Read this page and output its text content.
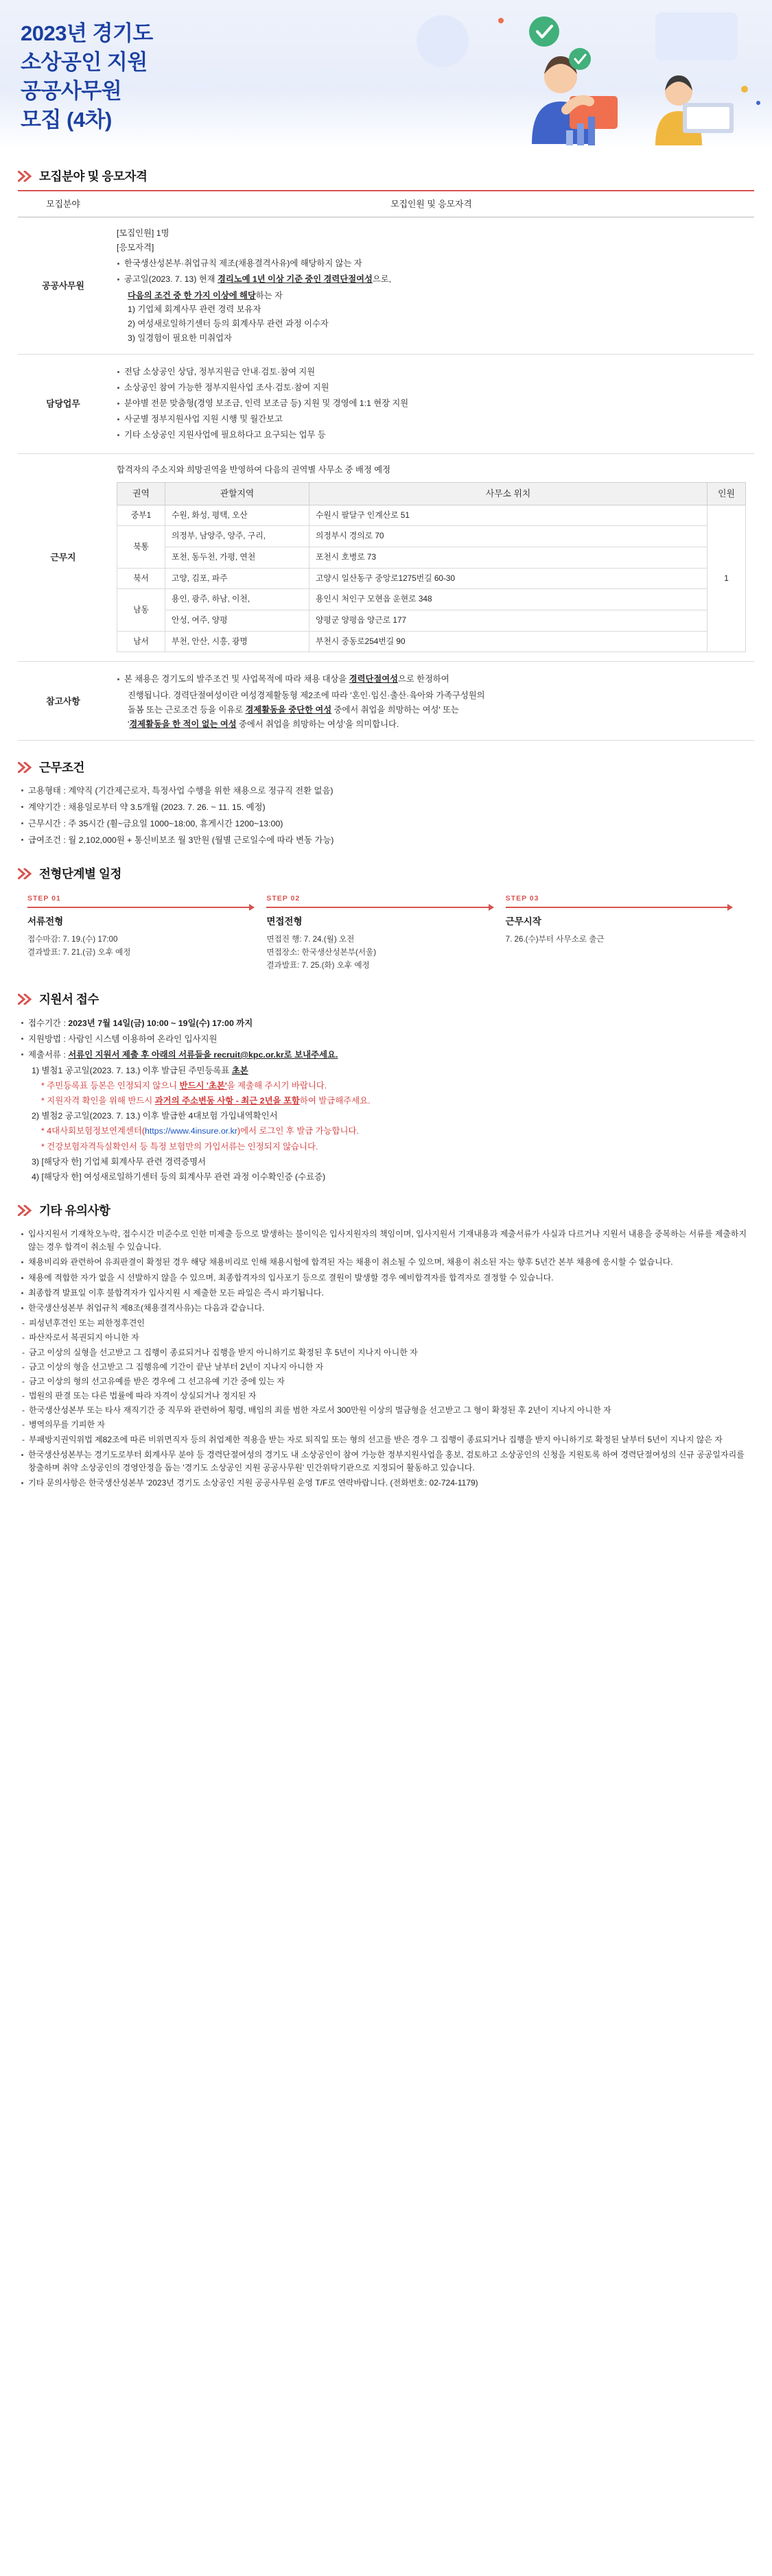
2023년 경기도
소상공인 지원
공공사무원
모집 (4차)
모집분야 및 응모자격
모집분야	모집인원 및 응모자격
공공사무원	
[모집인원] 1명
[응모자격]
한국생산성본부·취업규칙 제조(채용결격사유)에 해당하지 않는 자
공고일(2023. 7. 13) 현재 경리노예 1년 이상 기준 중인 경력단절여성으로,
다음의 조건 중 한 가지 이상에 해당하는 자
1) 기업체 회계사무 관련 경력 보유자
2) 여성새로일하기센터 등의 회계사무 관련 과정 이수자
3) 일경험이 필요한 미취업자

담당업무	
전담 소상공인 상담, 정부지원금 안내·검토·참여 지원
소상공인 참여 가능한 정부지원사업 조사·검토·참여 지원
분야별 전문 맞춤형(경영 보조금, 인력 보조금 등) 지원 및 경영에 1:1 현장 지원
사군별 정부지원사업 지원 시행 및 월간보고
기타 소상공인 지원사업에 필요하다고 요구되는 업무 등

근무지	
합격자의 주소지와 희망권역을 반영하여 다음의 권역별 사무소 중 배정 예정
권역	관할지역	사무소 위치	인원
중부1	수원, 화성, 평택, 오산	수원시 팔달구 인계산로 51	1
북통	의정부, 남양주, 양주, 구리,	의정부시 경의로 70
포천, 동두천, 가평, 연천	포천시 호병로 73
북서	고양, 김포, 파주	고양시 일산동구 중앙로1275번길 60-30
남동	용인, 광주, 하남, 이천,	용인시 처인구 모현읍 운현로 348
안성, 여주, 양평	양평군 양평읍 양근로 177
남서	부천, 안산, 시흥, 광명	부천시 중동로254번길 90

참고사항	
본 채용은 경기도의 발주조건 및 사업목적에 따라 채용 대상을 경력단절여성으로 한정하여
진행됩니다. 경력단절여성이란 여성경제활동형 제2조에 따라 '혼인·임신·출산·육아와 가족구성원의
돌봄 또는 근로조건 등을 이유로 경제활동을 중단한 여성 중에서 취업을 희망하는 여성' 또는
'경제활동을 한 적이 없는 여성 중에서 취업을 희망하는 여성'을 의미합니다.
근무조건
고용형태 : 계약직 (기간제근로자, 특정사업 수행을 위한 채용으로 정규직 전환 없음)
계약기간 : 채용일로부터 약 3.5개월 (2023. 7. 26. ~ 11. 15. 예정)
근무시간 : 주 35시간 (휠~금요일 1000~18:00, 휴게시간 1200~13:00)
급여조건 : 월 2,102,000원 + 통신비보조 월 3만원 (월별 근로일수에 따라 변동 가능)
전형단계별 일정
STEP 01
서류전형
접수마감: 7. 19.(수) 17:00
결과발표: 7. 21.(금) 오후 예정
STEP 02
면접전형
면접진 행: 7. 24.(월) 오전
면접장소: 한국생산성본부(서울)
결과발표: 7. 25.(화) 오후 예정
STEP 03
근무시작
7. 26.(수)부터 사무소로 출근
지원서 접수
접수기간 : 2023년 7월 14일(금) 10:00 ~ 19일(수) 17:00 까지
지원방법 : 사람인 시스템 이용하여 온라인 입사지원
제출서류 : 서류인 지원서 제출 후 아래의 서류들을 recruit@kpc.or.kr로 보내주세요.
1) 별첨1 공고일(2023. 7. 13.) 이후 발급된 주민등록표 초본
* 주민등록표 등본은 인정되지 않으니 반드시 '초본'을 제출해 주시기 바랍니다.
* 지원자격 확인을 위해 반드시 과거의 주소변동 사항 - 최근 2년을 포함하여 발급해주세요.
2) 별첨2 공고일(2023. 7. 13.) 이후 발급한 4대보험 가입내역확인서
* 4대사회보험정보연계센터(https://www.4insure.or.kr)에서 로그인 후 발급 가능합니다.
* 건강보험자격득실확인서 등 특정 보험만의 가입서류는 인정되지 않습니다.
3) [해당자 한] 기업체 회계사무 관련 경력증명서
4) [해당자 한] 여성새로일하기센터 등의 회계사무 관련 과정 이수확인증 (수료증)
기타 유의사항
입사지원서 기재착오누락, 접수시간 미준수로 인한 미제출 등으로 발생하는 불이익은 입사지원자의 책임이며, 입사지원서 기재내용과 제출서류가 사실과 다르거나 지원서 내용을 중복하는 서류를 제출하지 않는 경우 합격이 취소될 수 있습니다.
채용비리와 관련하여 유죄판결이 확정된 경우 해당 채용비리로 인해 채용시험에 합격된 자는 채용이 취소될 수 있으며, 채용이 취소된 자는 향후 5년간 본부 채용에 응시할 수 없습니다.
채용에 적합한 자가 없을 시 선발하지 않을 수 있으며, 최종합격자의 입사포기 등으로 결원이 발생할 경우 예비합격자를 합격자로 결정할 수 있습니다.
최종합격 발표일 이후 불합격자가 입사지원 시 제출한 모든 파일은 즉시 파기됩니다.
한국생산성본부 취업규칙 제8조(채용결격사유)는 다음과 같습니다.
- 피성년후견인 또는 피한정후견인
- 파산자로서 복권되지 아니한 자
- 금고 이상의 실형을 선고받고 그 집행이 종료되거나 집행을 받지 아니하기로 확정된 후 5년이 지나지 아니한 자
- 금고 이상의 형을 선고받고 그 집행유예 기간이 끝난 날부터 2년이 지나지 아니한 자
- 금고 이상의 형의 선고유예를 받은 경우에 그 선고유예 기간 중에 있는 자
- 법원의 판결 또는 다른 법률에 따라 자격이 상실되거나 정지된 자
- 한국생산성본부 또는 타사 재직기간 중 직무와 관련하여 횡령, 배임의 죄를 범한 자로서 300만원 이상의 벌금형을 선고받고 그 형이 확정된 후 2년이 지나지 아니한 자
- 병역의무를 기피한 자
- 부패방지권익위법 제82조에 따른 비위면직자 등의 취업제한 적용을 받는 자로 퇴직일 또는 형의 선고를 받은 경우 그 집행이 종료되거나 집행을 받지 아니하기로 확정된 날부터 5년이 지나지 않은 자
한국생산성본부는 경기도로부터 회계사무 분야 등 경력단절여성의 경기도 내 소상공인이 참여 가능한 정부지원사업을 홍보, 검토하고 소상공인의 신청을 지원토록 하여 경력단절여성의 신규 공공일자리를 창출하며 취약 소상공인의 경영안정을 돕는 '경기도 소상공인 지원 공공사무원' 민간위탁기관으로 지정되어 활동하고 있습니다.
기타 문의사항은 한국생산성본부 '2023년 경기도 소상공인 지원 공공사무원 운영 T/F로 연락바랍니다. (전화번호: 02-724-1179)
